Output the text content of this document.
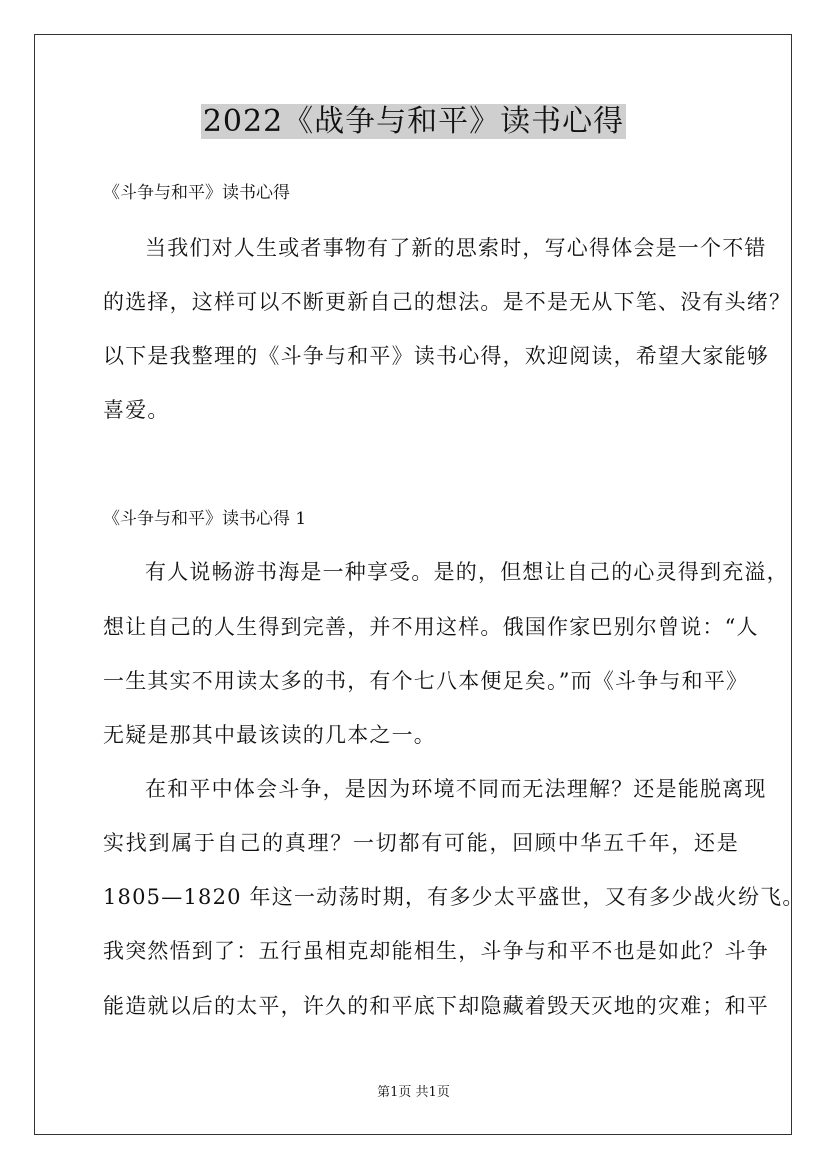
2022《战争与和平》读书心得

《斗争与和平》读书心得

当我们对人生或者事物有了新的思索时，写心得体会是一个不错

的选择，这样可以不断更新自己的想法。是不是无从下笔、没有头绪？

以下是我整理的《斗争与和平》读书心得，欢迎阅读，希望大家能够

喜爱。

《斗争与和平》读书心得 1

有人说畅游书海是一种享受。是的，但想让自己的心灵得到充溢，

想让自己的人生得到完善，并不用这样。俄国作家巴别尔曾说：“人

一生其实不用读太多的书，有个七八本便足矣。”而《斗争与和平》

无疑是那其中最该读的几本之一。

在和平中体会斗争，是因为环境不同而无法理解？还是能脱离现

实找到属于自己的真理？一切都有可能，回顾中华五千年，还是

1805—1820 年这一动荡时期，有多少太平盛世，又有多少战火纷飞。

我突然悟到了：五行虽相克却能相生，斗争与和平不也是如此？斗争

能造就以后的太平，许久的和平底下却隐藏着毁天灭地的灾难；和平

第1页 共1页
